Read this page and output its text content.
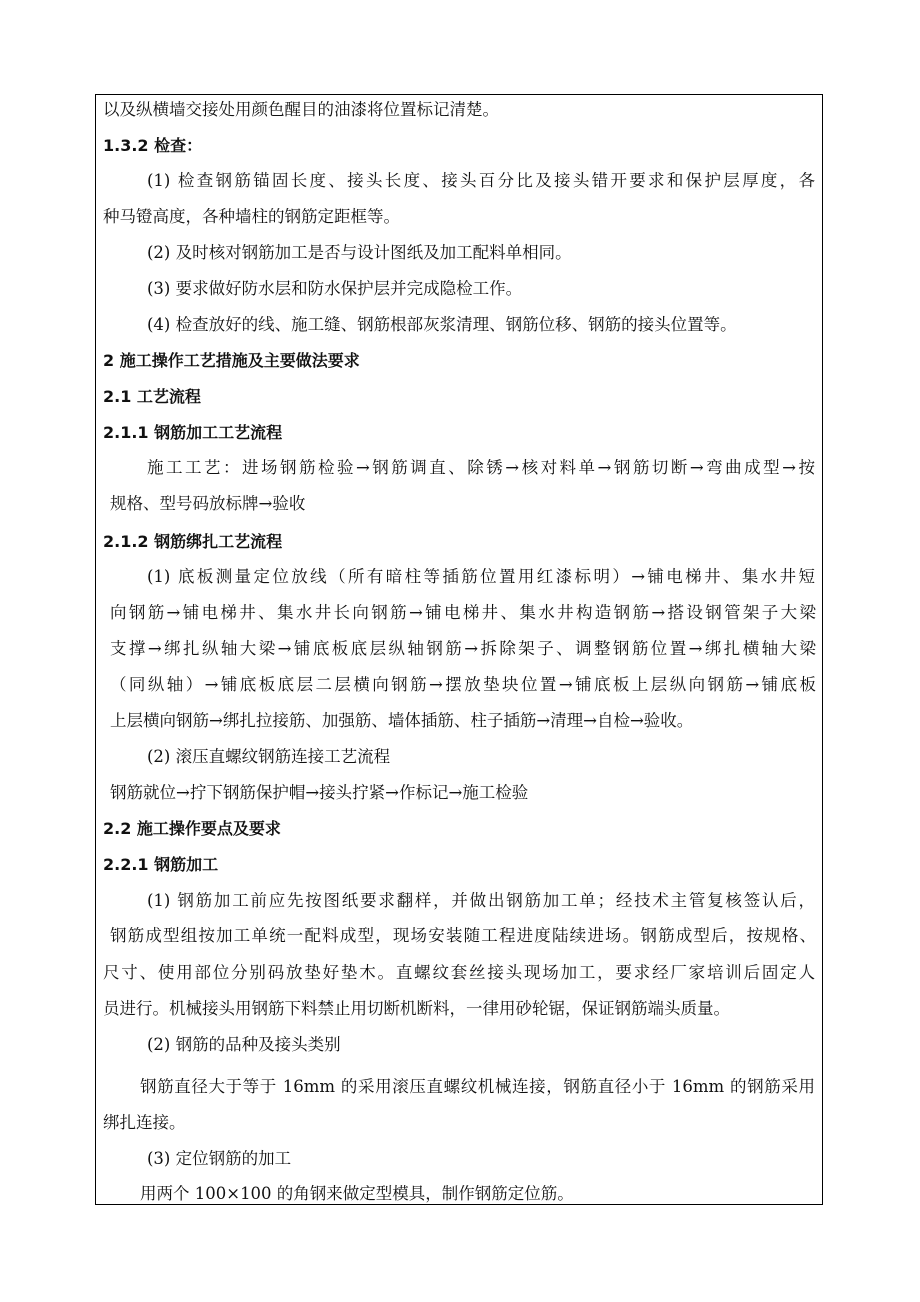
以及纵横墙交接处用颜色醒目的油漆将位置标记清楚。
1.3.2 检查：
(1) 检查钢筋锚固长度、接头长度、接头百分比及接头错开要求和保护层厚度，各
种马镫高度，各种墙柱的钢筋定距框等。
(2) 及时核对钢筋加工是否与设计图纸及加工配料单相同。
(3) 要求做好防水层和防水保护层并完成隐检工作。
(4) 检查放好的线、施工缝、钢筋根部灰浆清理、钢筋位移、钢筋的接头位置等。
2 施工操作工艺措施及主要做法要求
2.1 工艺流程
2.1.1 钢筋加工工艺流程
施工工艺：进场钢筋检验→钢筋调直、除锈→核对料单→钢筋切断→弯曲成型→按
规格、型号码放标牌→验收
2.1.2 钢筋绑扎工艺流程
(1) 底板测量定位放线（所有暗柱等插筋位置用红漆标明）→铺电梯井、集水井短
向钢筋→铺电梯井、集水井长向钢筋→铺电梯井、集水井构造钢筋→搭设钢管架子大梁
支撑→绑扎纵轴大梁→铺底板底层纵轴钢筋→拆除架子、调整钢筋位置→绑扎横轴大梁
（同纵轴）→铺底板底层二层横向钢筋→摆放垫块位置→铺底板上层纵向钢筋→铺底板
上层横向钢筋→绑扎拉接筋、加强筋、墙体插筋、柱子插筋→清理→自检→验收。
(2) 滚压直螺纹钢筋连接工艺流程
钢筋就位→拧下钢筋保护帽→接头拧紧→作标记→施工检验
2.2 施工操作要点及要求
2.2.1 钢筋加工
(1) 钢筋加工前应先按图纸要求翻样，并做出钢筋加工单；经技术主管复核签认后，
钢筋成型组按加工单统一配料成型，现场安装随工程进度陆续进场。钢筋成型后，按规格、
尺寸、使用部位分别码放垫好垫木。直螺纹套丝接头现场加工，要求经厂家培训后固定人
员进行。机械接头用钢筋下料禁止用切断机断料，一律用砂轮锯，保证钢筋端头质量。
(2) 钢筋的品种及接头类别
钢筋直径大于等于 16mm 的采用滚压直螺纹机械连接，钢筋直径小于 16mm 的钢筋采用
绑扎连接。
(3) 定位钢筋的加工
用两个 100×100 的角钢来做定型模具，制作钢筋定位筋。
